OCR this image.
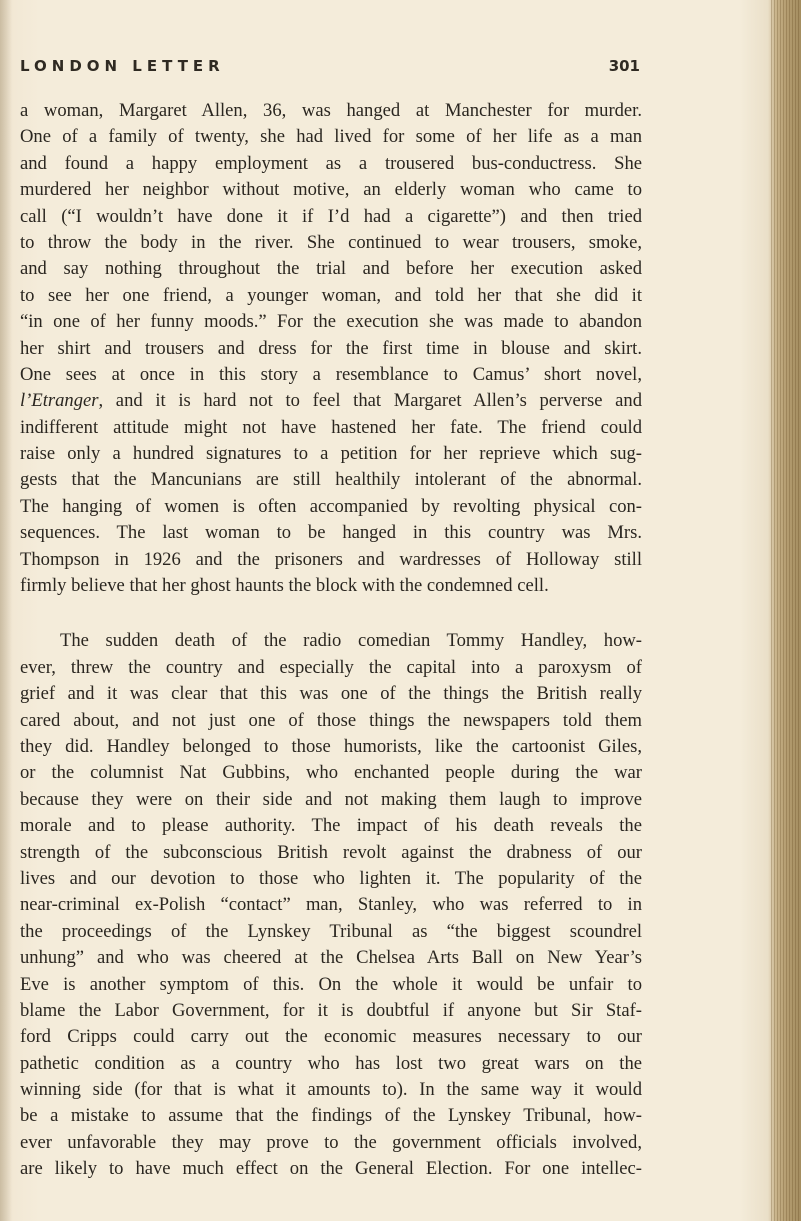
LONDON LETTER	301
a woman, Margaret Allen, 36, was hanged at Manchester for murder.
One of a family of twenty, she had lived for some of her life as a man
and found a happy employment as a trousered bus-conductress. She
murdered her neighbor without motive, an elderly woman who came to
call (“I wouldn’t have done it if I’d had a cigarette”) and then tried
to throw the body in the river. She continued to wear trousers, smoke,
and say nothing throughout the trial and before her execution asked
to see her one friend, a younger woman, and told her that she did it
“in one of her funny moods.” For the execution she was made to abandon
her shirt and trousers and dress for the first time in blouse and skirt.
One sees at once in this story a resemblance to Camus’ short novel,
l’Etranger, and it is hard not to feel that Margaret Allen’s perverse and
indifferent attitude might not have hastened her fate. The friend could
raise only a hundred signatures to a petition for her reprieve which sug-
gests that the Mancunians are still healthily intolerant of the abnormal.
The hanging of women is often accompanied by revolting physical con-
sequences. The last woman to be hanged in this country was Mrs.
Thompson in 1926 and the prisoners and wardresses of Holloway still
firmly believe that her ghost haunts the block with the condemned cell.
The sudden death of the radio comedian Tommy Handley, how-
ever, threw the country and especially the capital into a paroxysm of
grief and it was clear that this was one of the things the British really
cared about, and not just one of those things the newspapers told them
they did. Handley belonged to those humorists, like the cartoonist Giles,
or the columnist Nat Gubbins, who enchanted people during the war
because they were on their side and not making them laugh to improve
morale and to please authority. The impact of his death reveals the
strength of the subconscious British revolt against the drabness of our
lives and our devotion to those who lighten it. The popularity of the
near-criminal ex-Polish “contact” man, Stanley, who was referred to in
the proceedings of the Lynskey Tribunal as “the biggest scoundrel
unhung” and who was cheered at the Chelsea Arts Ball on New Year’s
Eve is another symptom of this. On the whole it would be unfair to
blame the Labor Government, for it is doubtful if anyone but Sir Staf-
ford Cripps could carry out the economic measures necessary to our
pathetic condition as a country who has lost two great wars on the
winning side (for that is what it amounts to). In the same way it would
be a mistake to assume that the findings of the Lynskey Tribunal, how-
ever unfavorable they may prove to the government officials involved,
are likely to have much effect on the General Election. For one intellec-
